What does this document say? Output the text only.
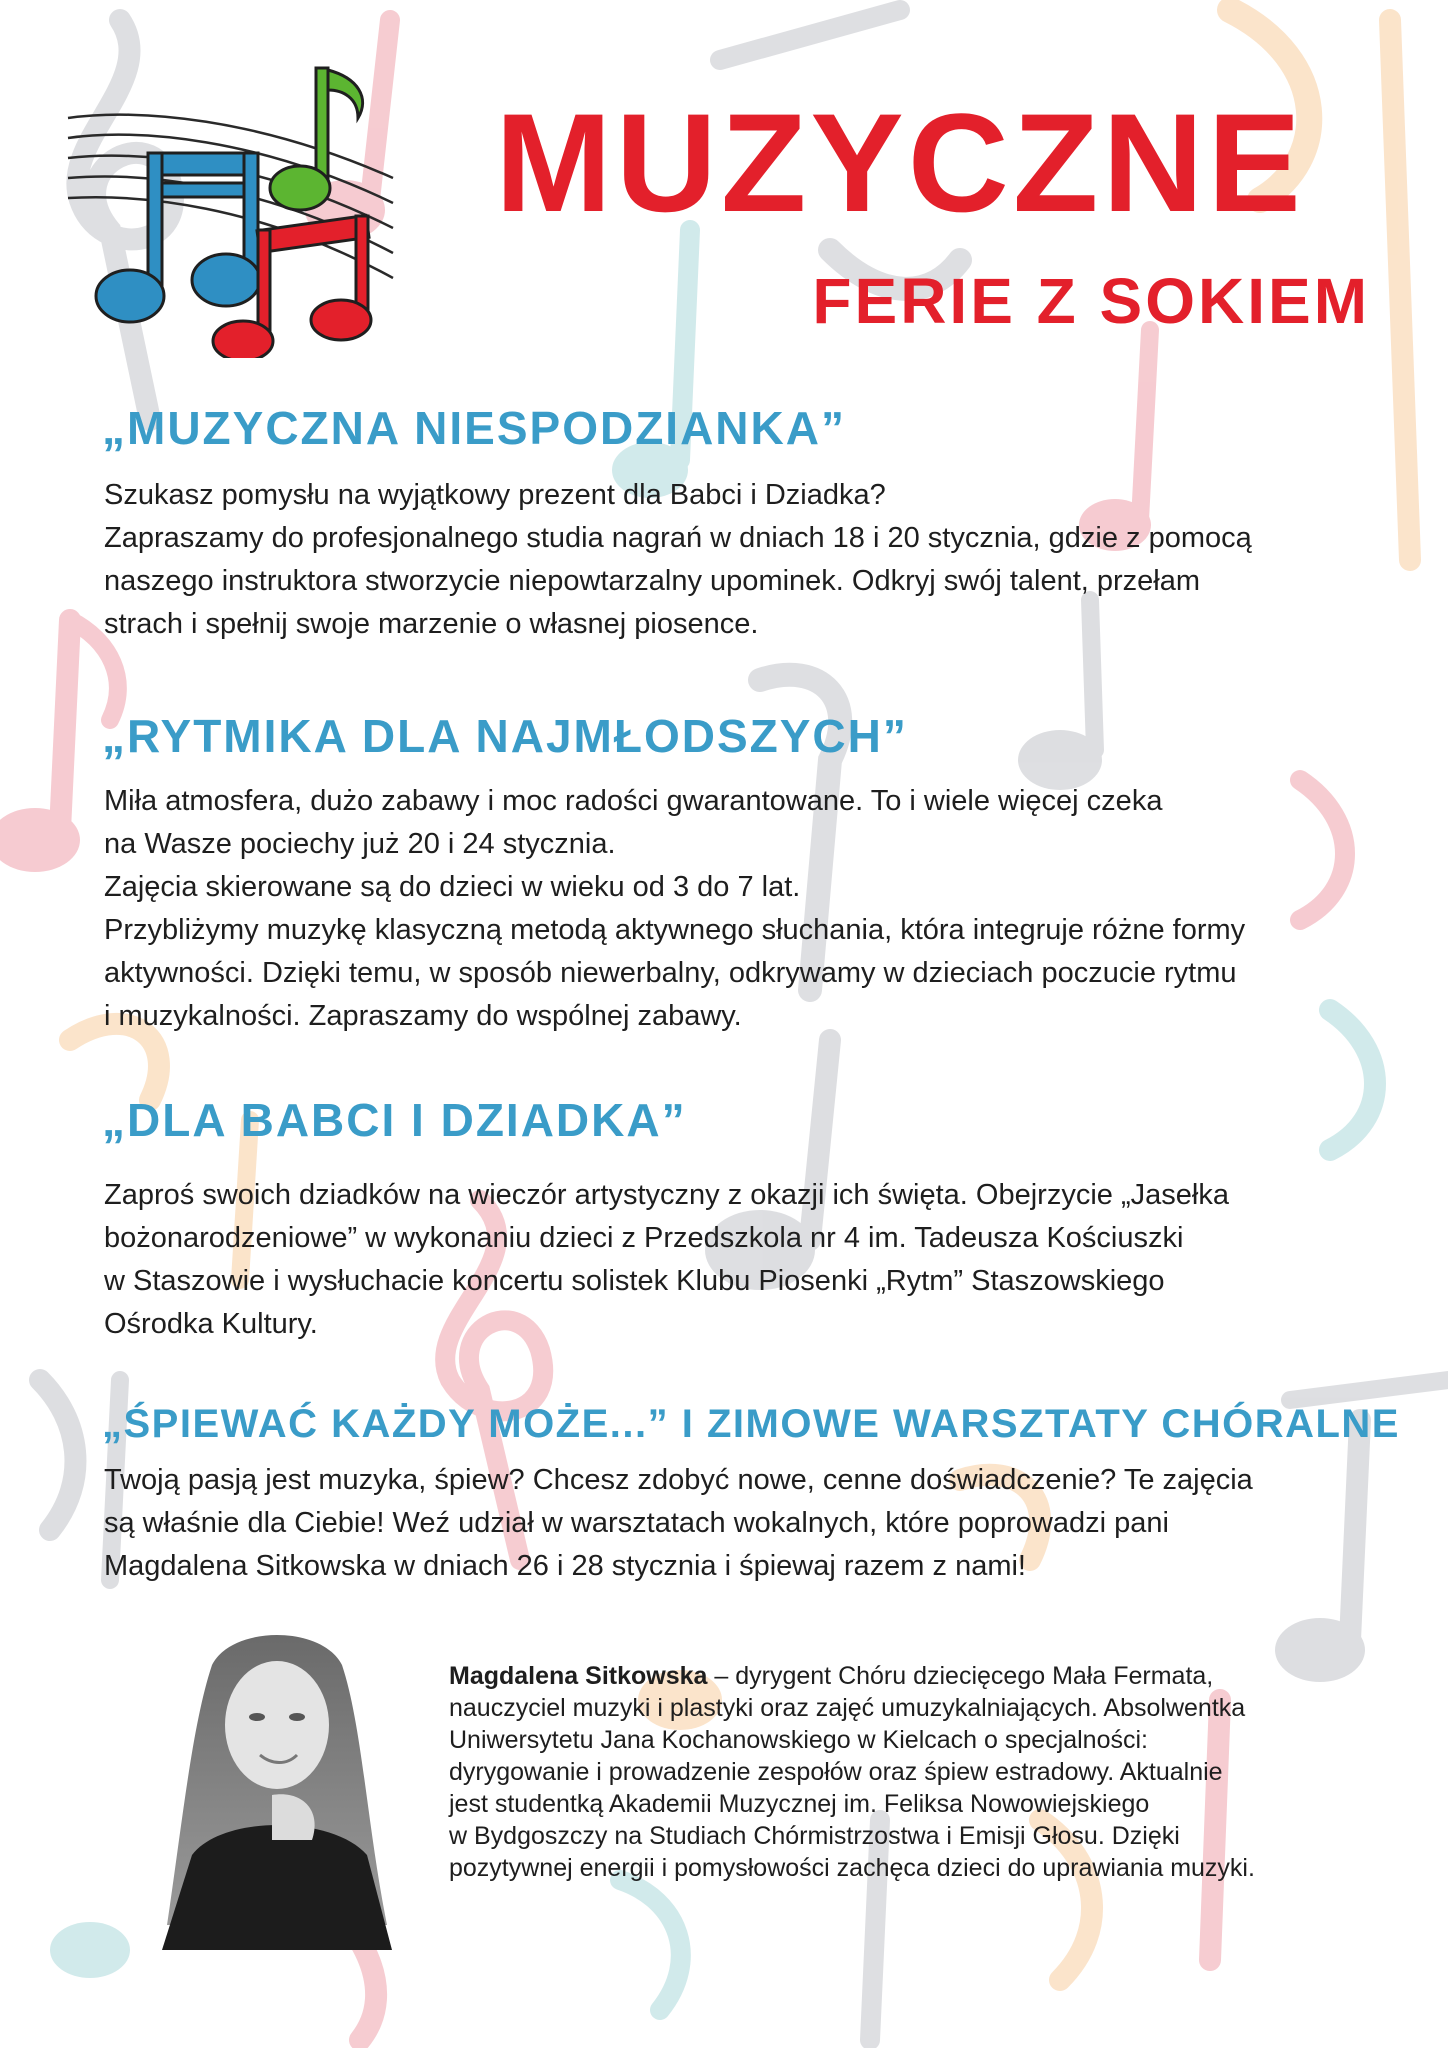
MUZYCZNE
FERIE Z SOKIEM
„MUZYCZNA NIESPODZIANKA”

Szukasz pomysłu na wyjątkowy prezent dla Babci i Dziadka?
Zapraszamy do profesjonalnego studia nagrań w dniach 18 i 20 stycznia, gdzie z pomocą
naszego instruktora stworzycie niepowtarzalny upominek. Odkryj swój talent, przełam
strach i spełnij swoje marzenie o własnej piosence.

„RYTMIKA DLA NAJMŁODSZYCH”

Miła atmosfera, dużo zabawy i moc radości gwarantowane. To i wiele więcej czeka
na Wasze pociechy już 20 i 24 stycznia.
Zajęcia skierowane są do dzieci w wieku od 3 do 7 lat.
Przybliżymy muzykę klasyczną metodą aktywnego słuchania, która integruje różne formy
aktywności. Dzięki temu, w sposób niewerbalny, odkrywamy w dzieciach poczucie rytmu
i muzykalności. Zapraszamy do wspólnej zabawy.

„DLA BABCI I DZIADKA”

Zaproś swoich dziadków na wieczór artystyczny z okazji ich święta. Obejrzycie „Jasełka
bożonarodzeniowe” w wykonaniu dzieci z Przedszkola nr 4 im. Tadeusza Kościuszki
w Staszowie i wysłuchacie koncertu solistek Klubu Piosenki „Rytm” Staszowskiego
Ośrodka Kultury.

„ŚPIEWAĆ KAŻDY MOŻE...” I ZIMOWE WARSZTATY CHÓRALNE

Twoją pasją jest muzyka, śpiew? Chcesz zdobyć nowe, cenne doświadczenie? Te zajęcia
są właśnie dla Ciebie! Weź udział w warsztatach wokalnych, które poprowadzi pani
Magdalena Sitkowska w dniach 26 i 28 stycznia i śpiewaj razem z nami!

Magdalena Sitkowska – dyrygent Chóru dziecięcego Mała Fermata,
nauczyciel muzyki i plastyki oraz zajęć umuzykalniających. Absolwentka
Uniwersytetu Jana Kochanowskiego w Kielcach o specjalności:
dyrygowanie i prowadzenie zespołów oraz śpiew estradowy. Aktualnie
jest studentką Akademii Muzycznej im. Feliksa Nowowiejskiego
w Bydgoszczy na Studiach Chórmistrzostwa i Emisji Głosu. Dzięki
pozytywnej energii i pomysłowości zachęca dzieci do uprawiania muzyki.
